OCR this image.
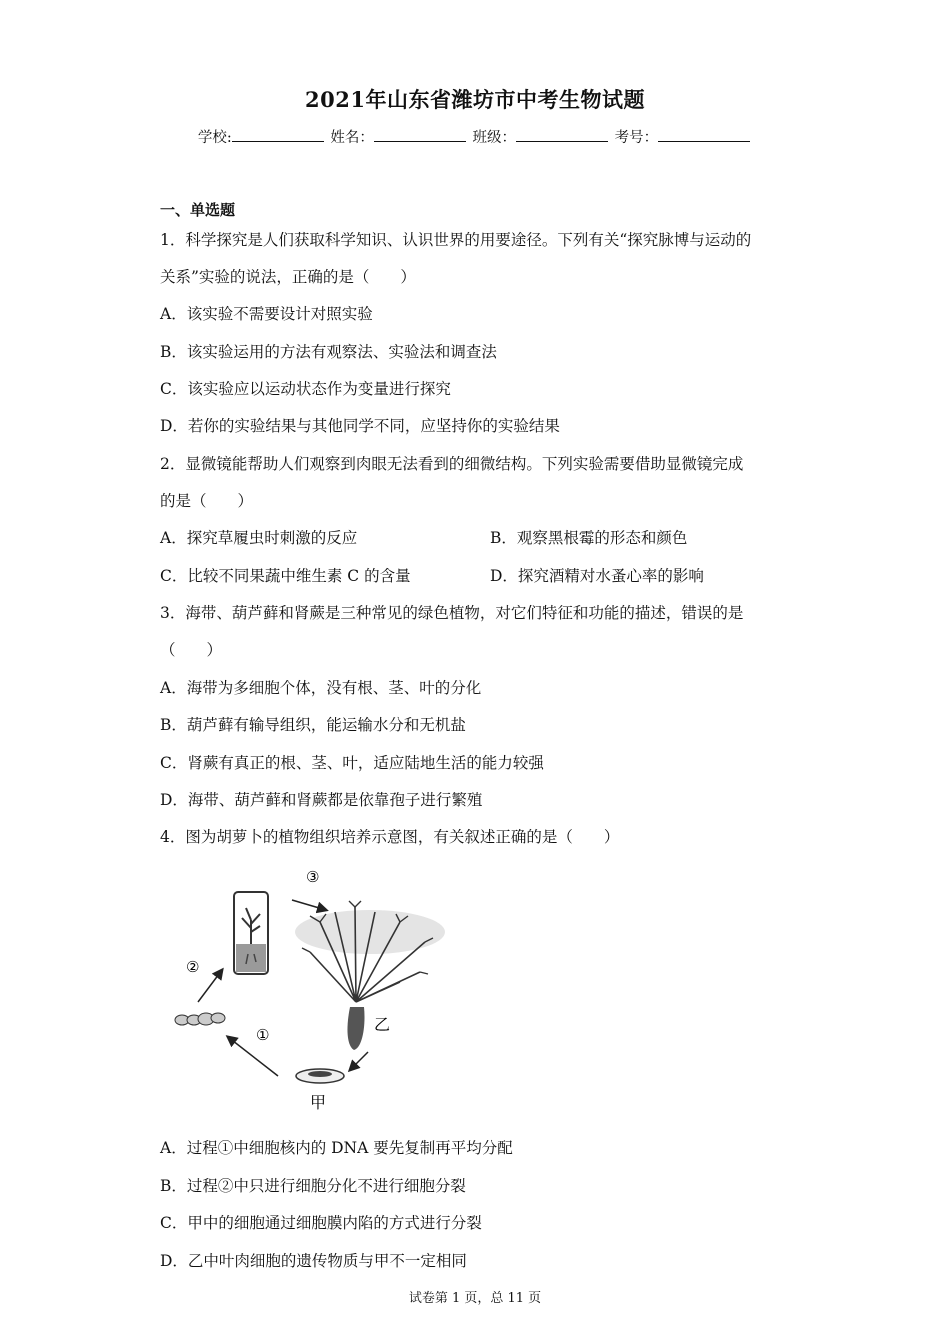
2021年山东省潍坊市中考生物试题
学校:	姓名：	班级：	考号：
一、单选题
1．科学探究是人们获取科学知识、认识世界的用要途径。下列有关“探究脉博与运动的
关系”实验的说法，正确的是（　　）
A．该实验不需要设计对照实验
B．该实验运用的方法有观察法、实验法和调查法
C．该实验应以运动状态作为变量进行探究
D．若你的实验结果与其他同学不同，应坚持你的实验结果
2．显微镜能帮助人们观察到肉眼无法看到的细微结构。下列实验需要借助显微镜完成
的是（　　）
A．探究草履虫时刺激的反应	B．观察黑根霉的形态和颜色
C．比较不同果蔬中维生素 C 的含量	D．探究酒精对水蚤心率的影响
3．海带、葫芦藓和肾蕨是三种常见的绿色植物，对它们特征和功能的描述，错误的是
（　　）
A．海带为多细胞个体，没有根、茎、叶的分化
B．葫芦藓有输导组织，能运输水分和无机盐
C．肾蕨有真正的根、茎、叶，适应陆地生活的能力较强
D．海带、葫芦藓和肾蕨都是依靠孢子进行繁殖
4．图为胡萝卜的植物组织培养示意图，有关叙述正确的是（　　）
①
②
③
甲
乙
A．过程①中细胞核内的 DNA 要先复制再平均分配
B．过程②中只进行细胞分化不进行细胞分裂
C．甲中的细胞通过细胞膜内陷的方式进行分裂
D．乙中叶肉细胞的遗传物质与甲不一定相同
试卷第 1 页，总 11 页
